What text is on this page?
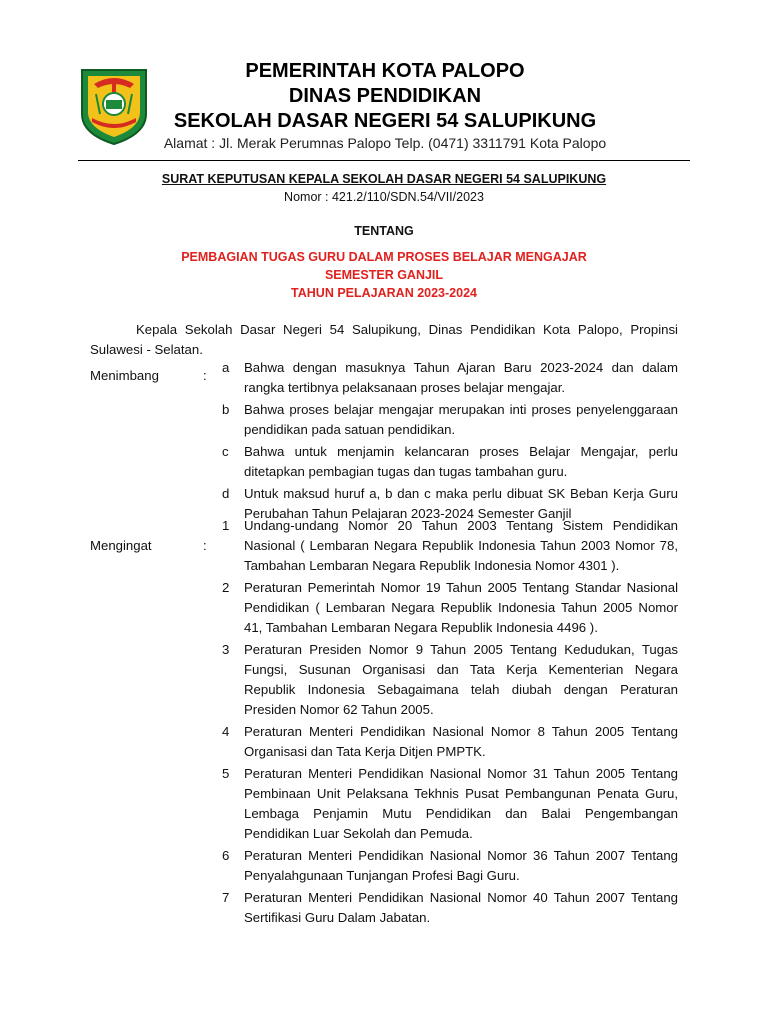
PEMERINTAH KOTA PALOPO
DINAS PENDIDIKAN
SEKOLAH DASAR NEGERI 54 SALUPIKUNG
Alamat : Jl. Merak Perumnas Palopo Telp. (0471) 3311791 Kota Palopo
SURAT KEPUTUSAN KEPALA SEKOLAH DASAR NEGERI 54 SALUPIKUNG
Nomor : 421.2/110/SDN.54/VII/2023
TENTANG
PEMBAGIAN TUGAS GURU DALAM PROSES BELAJAR MENGAJAR
SEMESTER GANJIL
TAHUN PELAJARAN 2023-2024
Kepala Sekolah Dasar Negeri 54 Salupikung, Dinas Pendidikan Kota Palopo, Propinsi Sulawesi - Selatan.
Menimbang	:
a	Bahwa dengan masuknya Tahun Ajaran Baru 2023-2024 dan dalam rangka tertibnya pelaksanaan proses belajar mengajar.
b	Bahwa proses belajar mengajar merupakan inti proses penyelenggaraan pendidikan pada satuan pendidikan.
c	Bahwa untuk menjamin kelancaran proses Belajar Mengajar, perlu ditetapkan pembagian tugas dan tugas tambahan guru.
d	Untuk maksud huruf a, b dan c maka perlu dibuat SK Beban Kerja Guru Perubahan Tahun Pelajaran 2023-2024 Semester Ganjil
Mengingat	:
1	Undang-undang Nomor 20 Tahun 2003 Tentang Sistem Pendidikan Nasional ( Lembaran Negara Republik Indonesia Tahun 2003 Nomor 78, Tambahan Lembaran Negara Republik Indonesia Nomor 4301 ).
2	Peraturan Pemerintah Nomor 19 Tahun 2005 Tentang Standar Nasional Pendidikan ( Lembaran Negara Republik Indonesia Tahun 2005 Nomor 41, Tambahan Lembaran Negara Republik Indonesia 4496 ).
3	Peraturan Presiden Nomor 9 Tahun 2005 Tentang Kedudukan, Tugas Fungsi, Susunan Organisasi dan Tata Kerja Kementerian Negara Republik Indonesia Sebagaimana telah diubah dengan Peraturan Presiden Nomor 62 Tahun 2005.
4	Peraturan Menteri Pendidikan Nasional Nomor 8 Tahun 2005 Tentang Organisasi dan Tata Kerja Ditjen PMPTK.
5	Peraturan Menteri Pendidikan Nasional Nomor 31 Tahun 2005 Tentang Pembinaan Unit Pelaksana Tekhnis Pusat Pembangunan Penata Guru, Lembaga Penjamin Mutu Pendidikan dan Balai Pengembangan Pendidikan Luar Sekolah dan Pemuda.
6	Peraturan Menteri Pendidikan Nasional Nomor 36 Tahun 2007 Tentang Penyalahgunaan Tunjangan Profesi Bagi Guru.
7	Peraturan Menteri Pendidikan Nasional Nomor 40 Tahun 2007 Tentang Sertifikasi Guru Dalam Jabatan.
